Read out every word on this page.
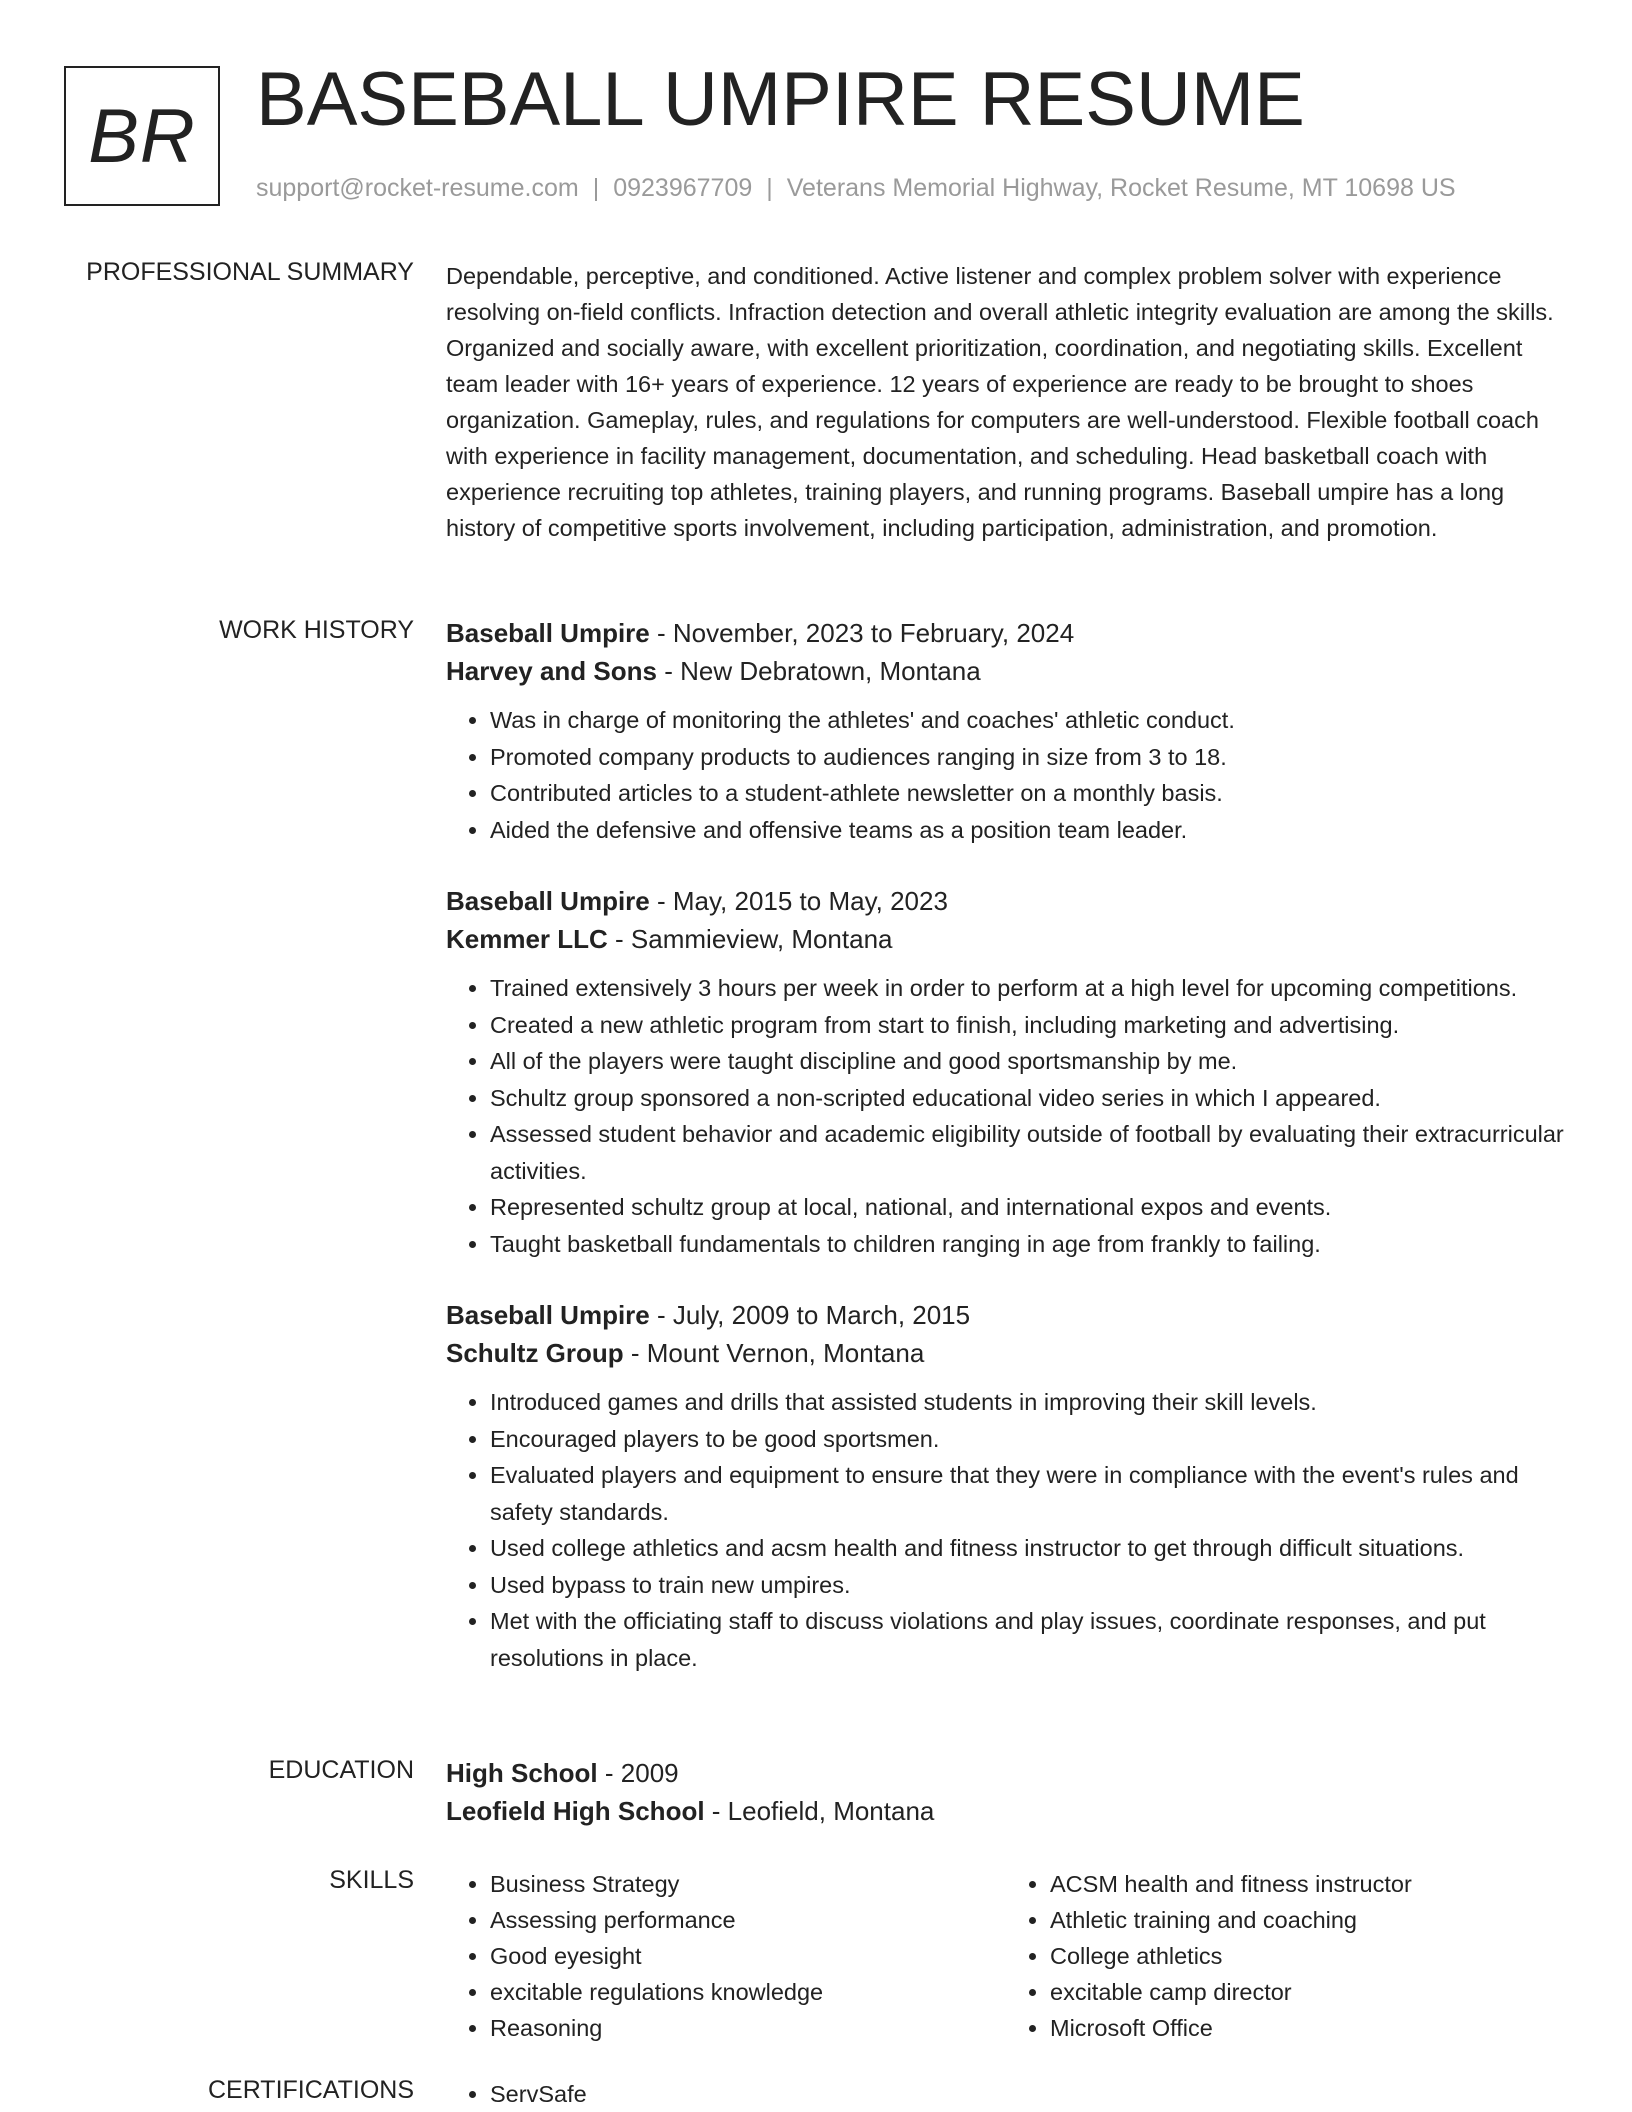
BR BASEBALL UMPIRE RESUME
support@rocket-resume.com | 0923967709 | Veterans Memorial Highway, Rocket Resume, MT 10698 US
PROFESSIONAL SUMMARY Dependable, perceptive, and conditioned. Active listener and complex problem solver with experience resolving on-field conflicts. Infraction detection and overall athletic integrity evaluation are among the skills. Organized and socially aware, with excellent prioritization, coordination, and negotiating skills. Excellent team leader with 16+ years of experience. 12 years of experience are ready to be brought to shoes organization. Gameplay, rules, and regulations for computers are well-understood. Flexible football coach with experience in facility management, documentation, and scheduling. Head basketball coach with experience recruiting top athletes, training players, and running programs. Baseball umpire has a long history of competitive sports involvement, including participation, administration, and promotion.

WORK HISTORY Baseball Umpire - November, 2023 to February, 2024
Harvey and Sons - New Debratown, Montana
• Was in charge of monitoring the athletes' and coaches' athletic conduct.
• Promoted company products to audiences ranging in size from 3 to 18.
• Contributed articles to a student-athlete newsletter on a monthly basis.
• Aided the defensive and offensive teams as a position team leader.
Baseball Umpire - May, 2015 to May, 2023
Kemmer LLC - Sammieview, Montana
• Trained extensively 3 hours per week in order to perform at a high level for upcoming competitions.
• Created a new athletic program from start to finish, including marketing and advertising.
• All of the players were taught discipline and good sportsmanship by me.
• Schultz group sponsored a non-scripted educational video series in which I appeared.
• Assessed student behavior and academic eligibility outside of football by evaluating their extracurricular activities.
• Represented schultz group at local, national, and international expos and events.
• Taught basketball fundamentals to children ranging in age from frankly to failing.
Baseball Umpire - July, 2009 to March, 2015
Schultz Group - Mount Vernon, Montana
• Introduced games and drills that assisted students in improving their skill levels.
• Encouraged players to be good sportsmen.
• Evaluated players and equipment to ensure that they were in compliance with the event's rules and safety standards.
• Used college athletics and acsm health and fitness instructor to get through difficult situations.
• Used bypass to train new umpires.
• Met with the officiating staff to discuss violations and play issues, coordinate responses, and put resolutions in place.
EDUCATION High School - 2009
Leofield High School - Leofield, Montana
SKILLS	• Business Strategy
• Assessing performance
• Good eyesight
• excitable regulations knowledge
• Reasoning
• ACSM health and fitness instructor
• Athletic training and coaching
• College athletics
• excitable camp director
• Microsoft Office
CERTIFICATIONS	• ServSafe
